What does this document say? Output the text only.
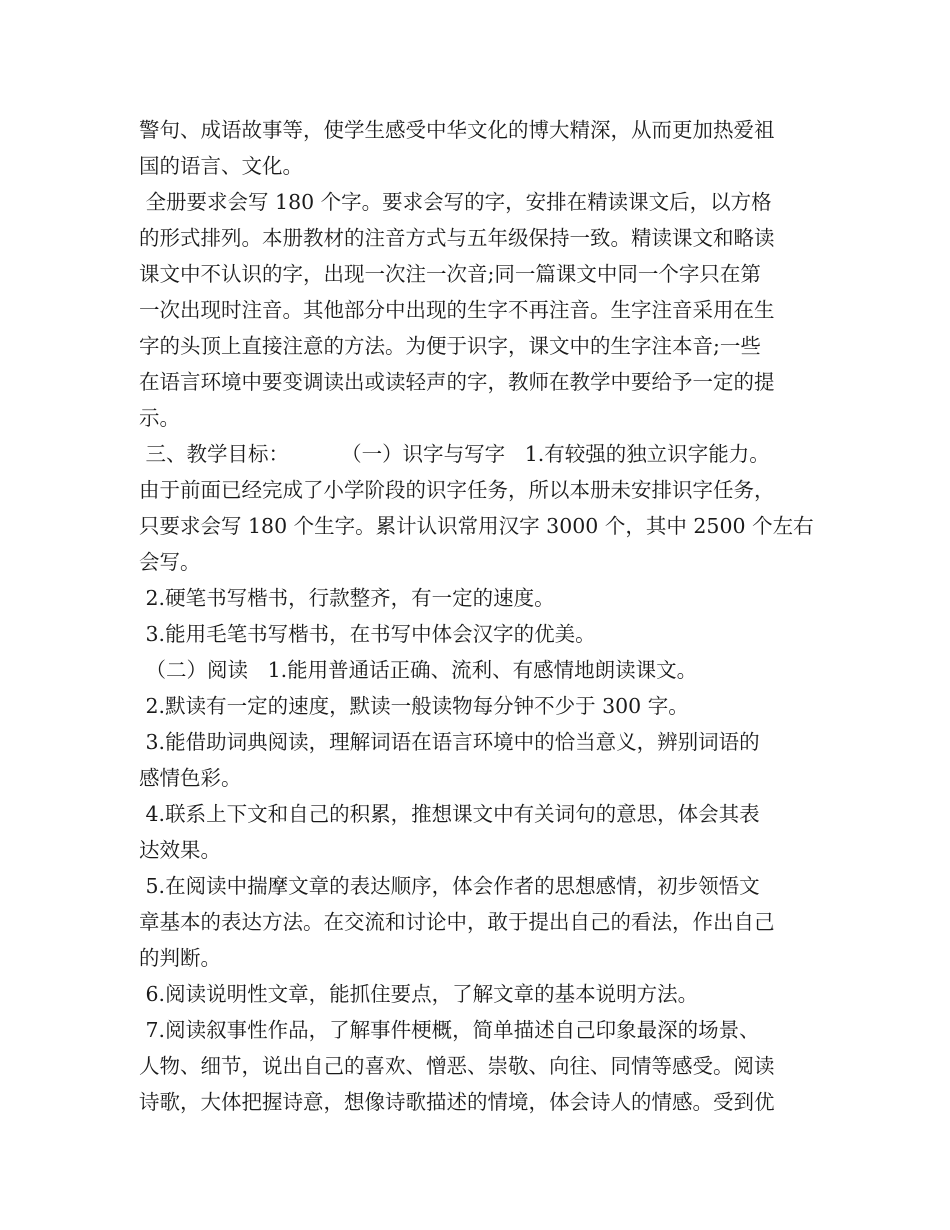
警句、成语故事等，使学生感受中华文化的博大精深，从而更加热爱祖
国的语言、文化。
全册要求会写 180 个字。要求会写的字，安排在精读课文后，以方格
的形式排列。本册教材的注音方式与五年级保持一致。精读课文和略读
课文中不认识的字，出现一次注一次音;同一篇课文中同一个字只在第
一次出现时注音。其他部分中出现的生字不再注音。生字注音采用在生
字的头顶上直接注意的方法。为便于识字，课文中的生字注本音;一些
在语言环境中要变调读出或读轻声的字，教师在教学中要给予一定的提
示。
三、教学目标：        （一）识字与写字   1.有较强的独立识字能力。
由于前面已经完成了小学阶段的识字任务，所以本册未安排识字任务，
只要求会写 180 个生字。累计认识常用汉字 3000 个，其中 2500 个左右
会写。
2.硬笔书写楷书，行款整齐，有一定的速度。
3.能用毛笔书写楷书，在书写中体会汉字的优美。
（二）阅读   1.能用普通话正确、流利、有感情地朗读课文。
2.默读有一定的速度，默读一般读物每分钟不少于 300 字。
3.能借助词典阅读，理解词语在语言环境中的恰当意义，辨别词语的
感情色彩。
4.联系上下文和自己的积累，推想课文中有关词句的意思，体会其表
达效果。
5.在阅读中揣摩文章的表达顺序，体会作者的思想感情，初步领悟文
章基本的表达方法。在交流和讨论中，敢于提出自己的看法，作出自己
的判断。
6.阅读说明性文章，能抓住要点，了解文章的基本说明方法。
7.阅读叙事性作品，了解事件梗概，简单描述自己印象最深的场景、
人物、细节，说出自己的喜欢、憎恶、崇敬、向往、同情等感受。阅读
诗歌，大体把握诗意，想像诗歌描述的情境，体会诗人的情感。受到优
